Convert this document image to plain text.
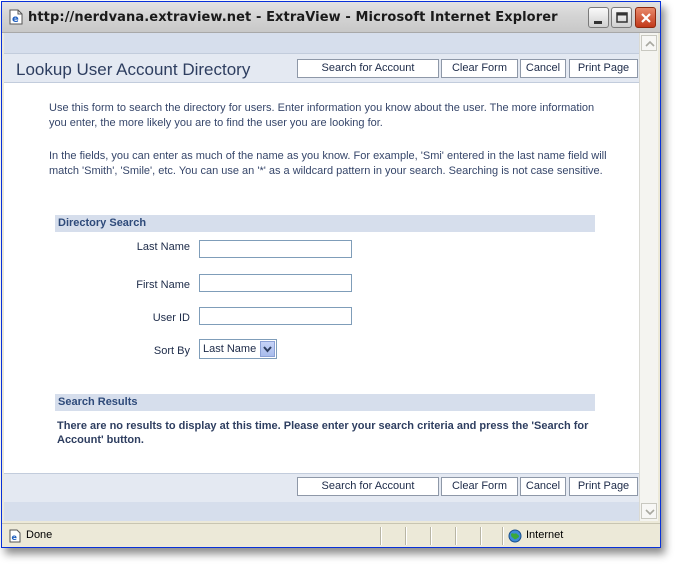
e http://nerdvana.extraview.net - ExtraView - Microsoft Internet Explorer
Lookup User Account Directory	Search for Account	Clear Form	Cancel	Print Page
Use this form to search the directory for users. Enter information you know about the user. The more information you enter, the more likely you are to find the user you are looking for.
In the fields, you can enter as much of the name as you know. For example, 'Smi' entered in the last name field will match 'Smith', 'Smile', etc. You can use an '*' as a wildcard pattern in your search. Searching is not case sensitive.
Directory Search
Last Name
First Name
User ID
Sort By Last Name
Search Results
There are no results to display at this time. Please enter your search criteria and press the 'Search for Account' button.
Search for Account	Clear Form	Cancel	Print Page
e Done	Internet
